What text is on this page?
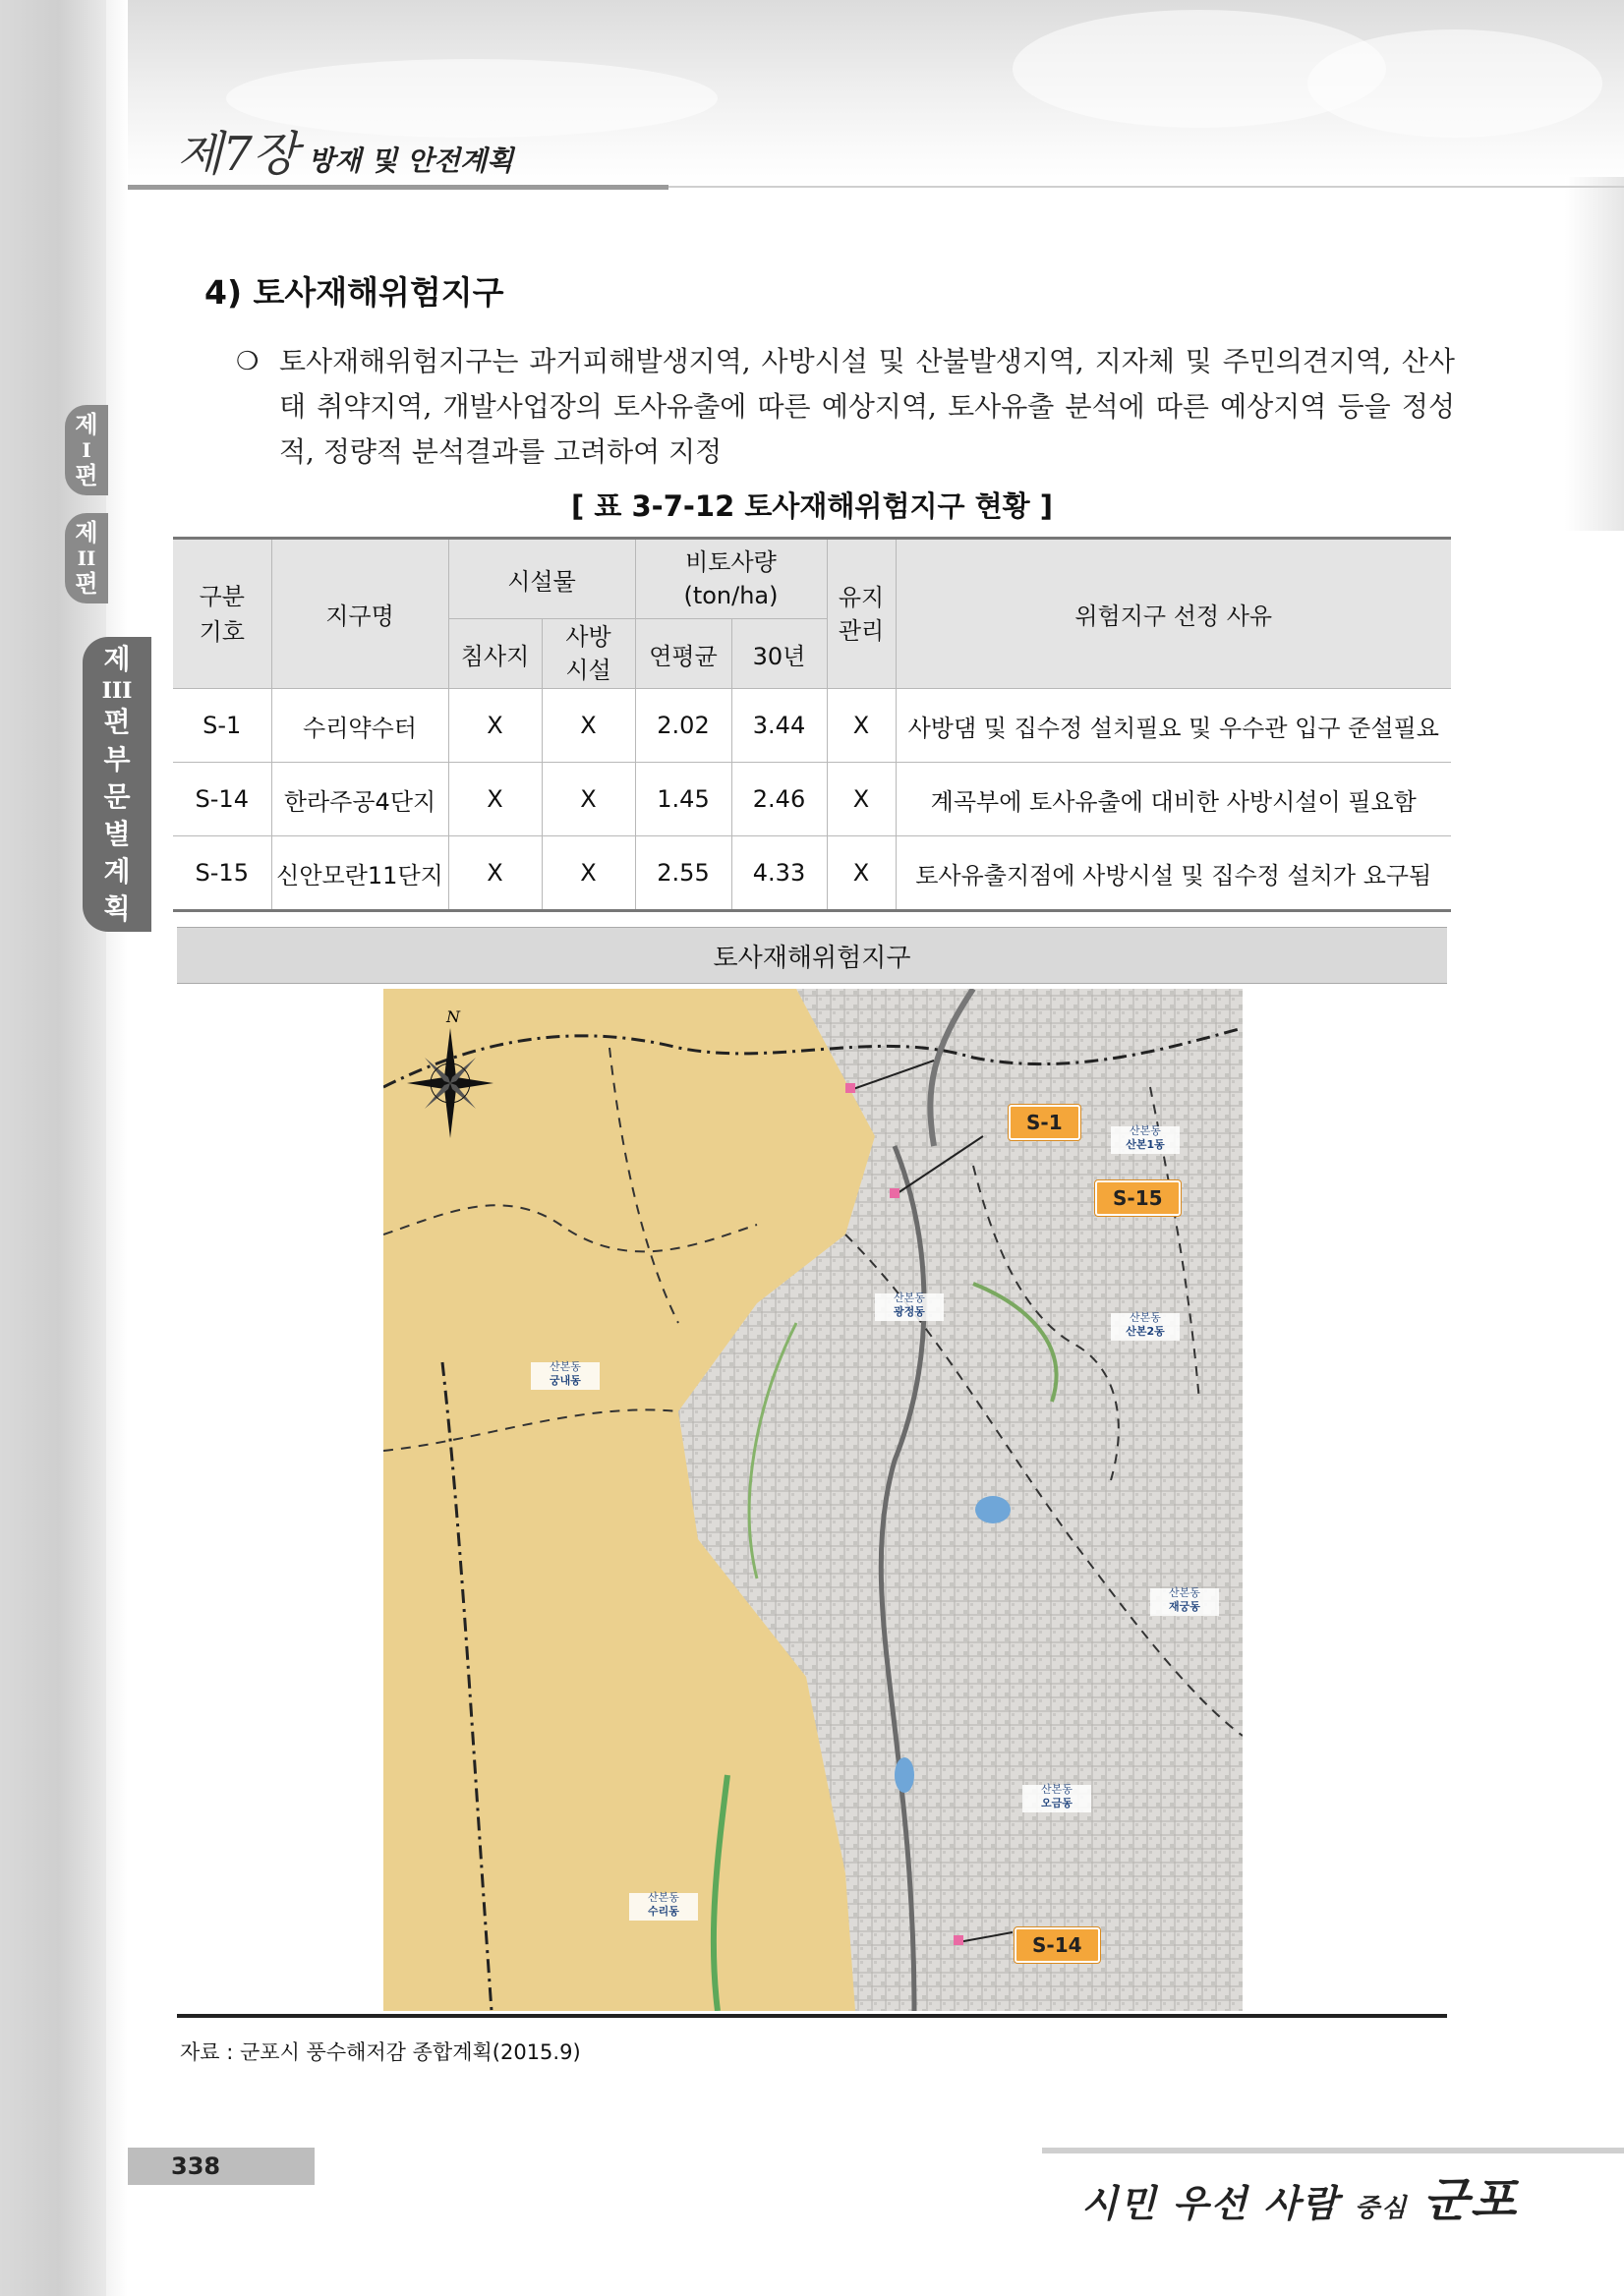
제7장 방재 및 안전계획
제
I
편
제
II
편
제
III
편
부
문
별
계
획
4) 토사재해위험지구
❍ 토사재해위험지구는 과거피해발생지역, 사방시설 및 산불발생지역, 지자체 및 주민의견지역, 산사태 취약지역, 개발사업장의 토사유출에 따른 예상지역, 토사유출 분석에 따른 예상지역 등을 정성적, 정량적 분석결과를 고려하여 지정
[ 표 3-7-12 토사재해위험지구 현황 ]
구분 기호	지구명	시설물		비토사량 (ton/ha)		유지 관리	위험지구 선정 사유
		침사지	사방 시설	연평균	30년		
S-1	수리약수터	X	X	2.02	3.44	X	사방댐 및 집수정 설치필요 및 우수관 입구 준설필요
S-14	한라주공4단지	X	X	1.45	2.46	X	계곡부에 토사유출에 대비한 사방시설이 필요함
S-15	신안모란11단지	X	X	2.55	4.33	X	토사유출지점에 사방시설 및 집수정 설치가 요구됨
토사재해위험지구
N
S-1
S-15
S-14
산본동
광정동
산본동
산본1동
산본동
산본2동
산본동
궁내동
산본동
재궁동
산본동
오금동
산본동
수리동
자료 : 군포시 풍수해저감 종합계획(2015.9)
338
시민 우선 사람 중심 군포
